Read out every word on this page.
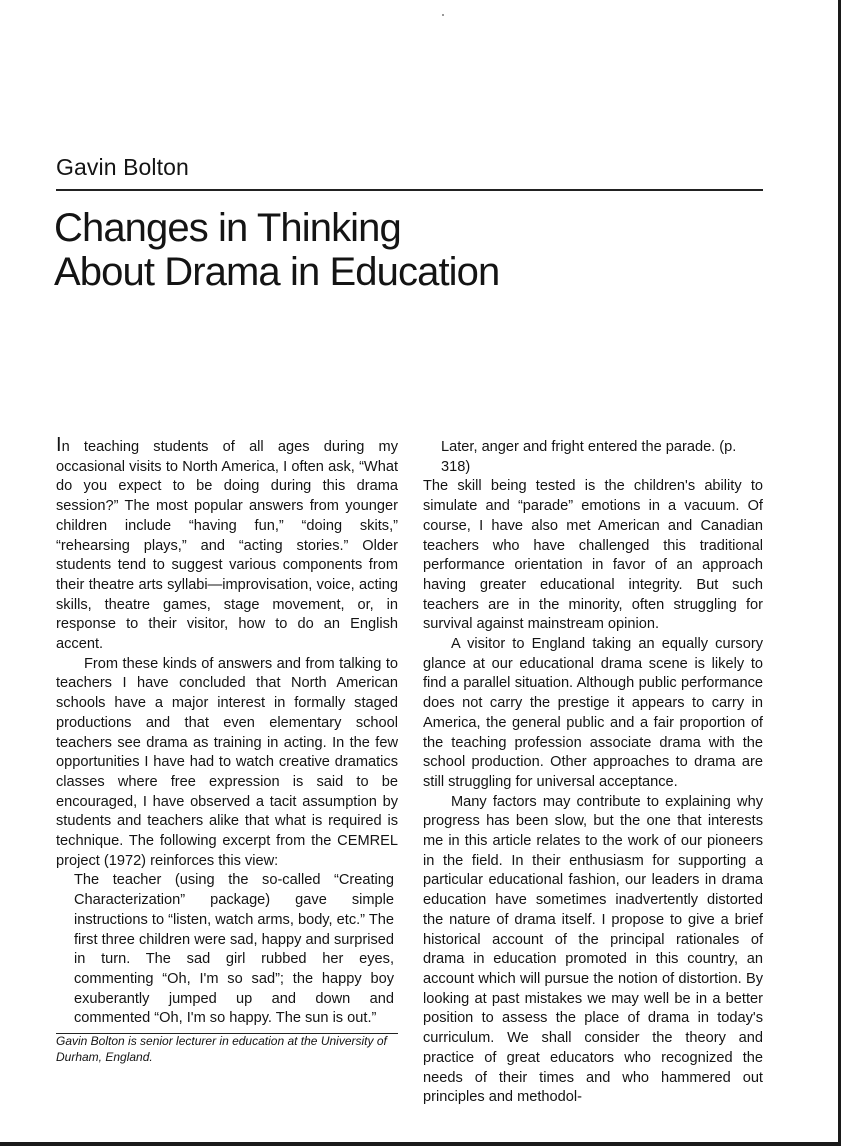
Gavin Bolton
Changes in Thinking
About Drama in Education

In teaching students of all ages during my occasional visits to North America, I often ask, “What do you expect to be doing during this drama session?” The most popular answers from younger children include “having fun,” “doing skits,” “rehearsing plays,” and “acting stories.” Older students tend to suggest various components from their theatre arts syllabi—improvisation, voice, acting skills, theatre games, stage movement, or, in response to their visitor, how to do an English accent.

From these kinds of answers and from talking to teachers I have concluded that North American schools have a major interest in formally staged productions and that even elementary school teachers see drama as training in acting. In the few opportunities I have had to watch creative dramatics classes where free expression is said to be encouraged, I have observed a tacit assumption by students and teachers alike that what is required is technique. The following excerpt from the CEMREL project (1972) reinforces this view:

The teacher (using the so-called “Creating Characterization” package) gave simple instructions to “listen, watch arms, body, etc.” The first three children were sad, happy and surprised in turn. The sad girl rubbed her eyes, commenting “Oh, I'm so sad”; the happy boy exuberantly jumped up and down and commented “Oh, I'm so happy. The sun is out.”

Gavin Bolton is senior lecturer in education at the University of Durham, England.

Later, anger and fright entered the parade. (p. 318)

The skill being tested is the children's ability to simulate and “parade” emotions in a vacuum. Of course, I have also met American and Canadian teachers who have challenged this traditional performance orientation in favor of an approach having greater educational integrity. But such teachers are in the minority, often struggling for survival against mainstream opinion.

A visitor to England taking an equally cursory glance at our educational drama scene is likely to find a parallel situation. Although public performance does not carry the prestige it appears to carry in America, the general public and a fair proportion of the teaching profession associate drama with the school production. Other approaches to drama are still struggling for universal acceptance.

Many factors may contribute to explaining why progress has been slow, but the one that interests me in this article relates to the work of our pioneers in the field. In their enthusiasm for supporting a particular educational fashion, our leaders in drama education have sometimes inadvertently distorted the nature of drama itself. I propose to give a brief historical account of the principal rationales of drama in education promoted in this country, an account which will pursue the notion of distortion. By looking at past mistakes we may well be in a better position to assess the place of drama in today's curriculum. We shall consider the theory and practice of great educators who recognized the needs of their times and who hammered out principles and methodol-
